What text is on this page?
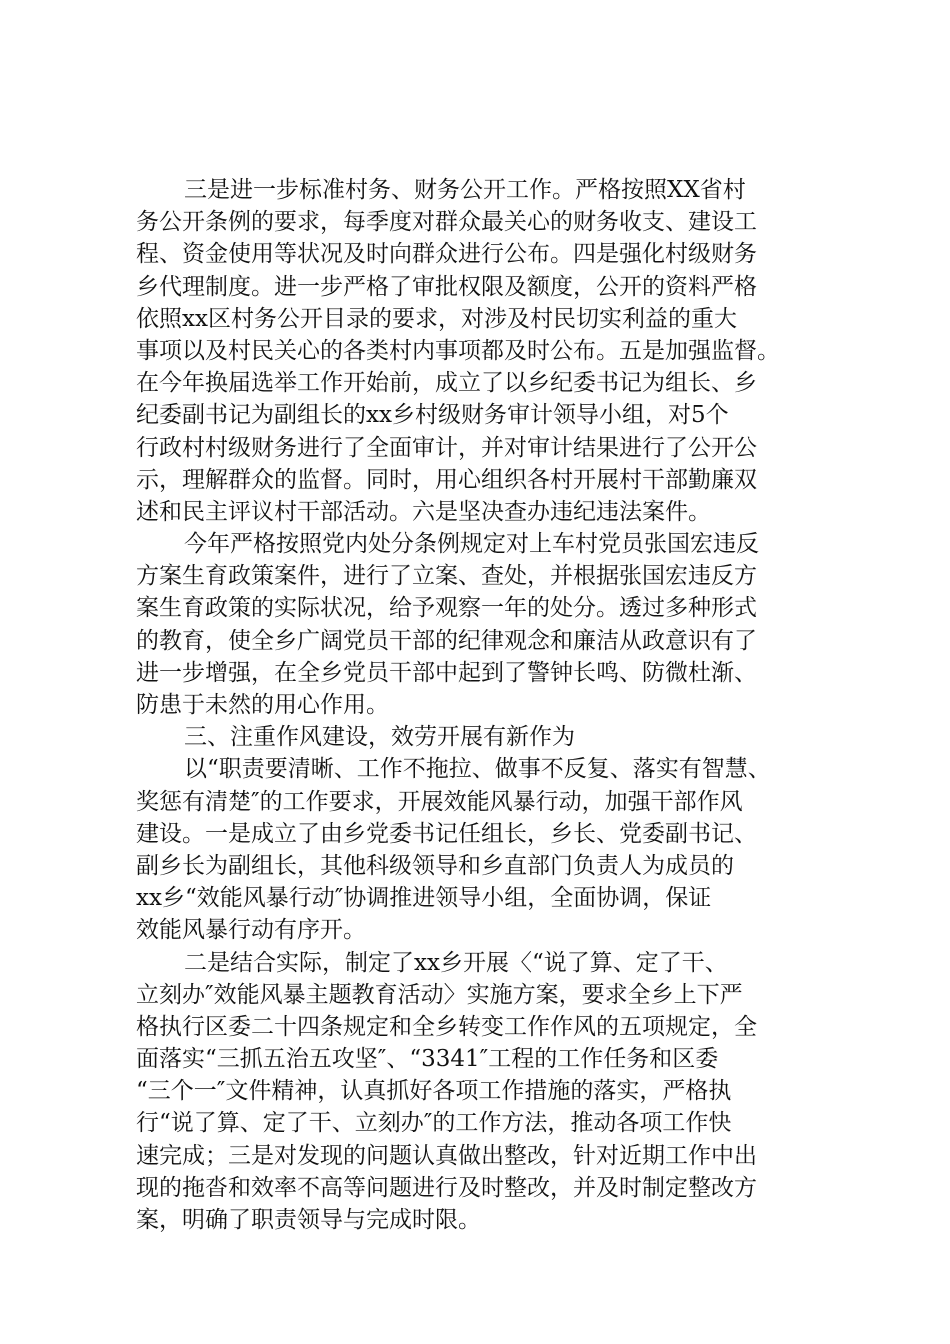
三是进一步标准村务、财务公开工作。严格按照XX省村
务公开条例的要求，每季度对群众最关心的财务收支、建设工
程、资金使用等状况及时向群众进行公布。四是强化村级财务
乡代理制度。进一步严格了审批权限及额度，公开的资料严格
依照xx区村务公开目录的要求，对涉及村民切实利益的重大
事项以及村民关心的各类村内事项都及时公布。五是加强监督。
在今年换届选举工作开始前，成立了以乡纪委书记为组长、乡
纪委副书记为副组长的xx乡村级财务审计领导小组，对5个
行政村村级财务进行了全面审计，并对审计结果进行了公开公
示，理解群众的监督。同时，用心组织各村开展村干部勤廉双
述和民主评议村干部活动。六是坚决查办违纪违法案件。
今年严格按照党内处分条例规定对上车村党员张国宏违反
方案生育政策案件，进行了立案、查处，并根据张国宏违反方
案生育政策的实际状况，给予观察一年的处分。透过多种形式
的教育，使全乡广阔党员干部的纪律观念和廉洁从政意识有了
进一步增强，在全乡党员干部中起到了警钟长鸣、防微杜渐、
防患于未然的用心作用。
三、注重作风建设，效劳开展有新作为
以“职责要清晰、工作不拖拉、做事不反复、落实有智慧、
奖惩有清楚″的工作要求，开展效能风暴行动，加强干部作风
建设。一是成立了由乡党委书记任组长，乡长、党委副书记、
副乡长为副组长，其他科级领导和乡直部门负责人为成员的
xx乡“效能风暴行动″协调推进领导小组，全面协调，保证
效能风暴行动有序开。
二是结合实际，制定了xx乡开展〈“说了算、定了干、
立刻办″效能风暴主题教育活动〉实施方案，要求全乡上下严
格执行区委二十四条规定和全乡转变工作作风的五项规定，全
面落实“三抓五治五攻坚″、“3341″工程的工作任务和区委
“三个一″文件精神，认真抓好各项工作措施的落实，严格执
行“说了算、定了干、立刻办″的工作方法，推动各项工作快
速完成；三是对发现的问题认真做出整改，针对近期工作中出
现的拖沓和效率不高等问题进行及时整改，并及时制定整改方
案，明确了职责领导与完成时限。
